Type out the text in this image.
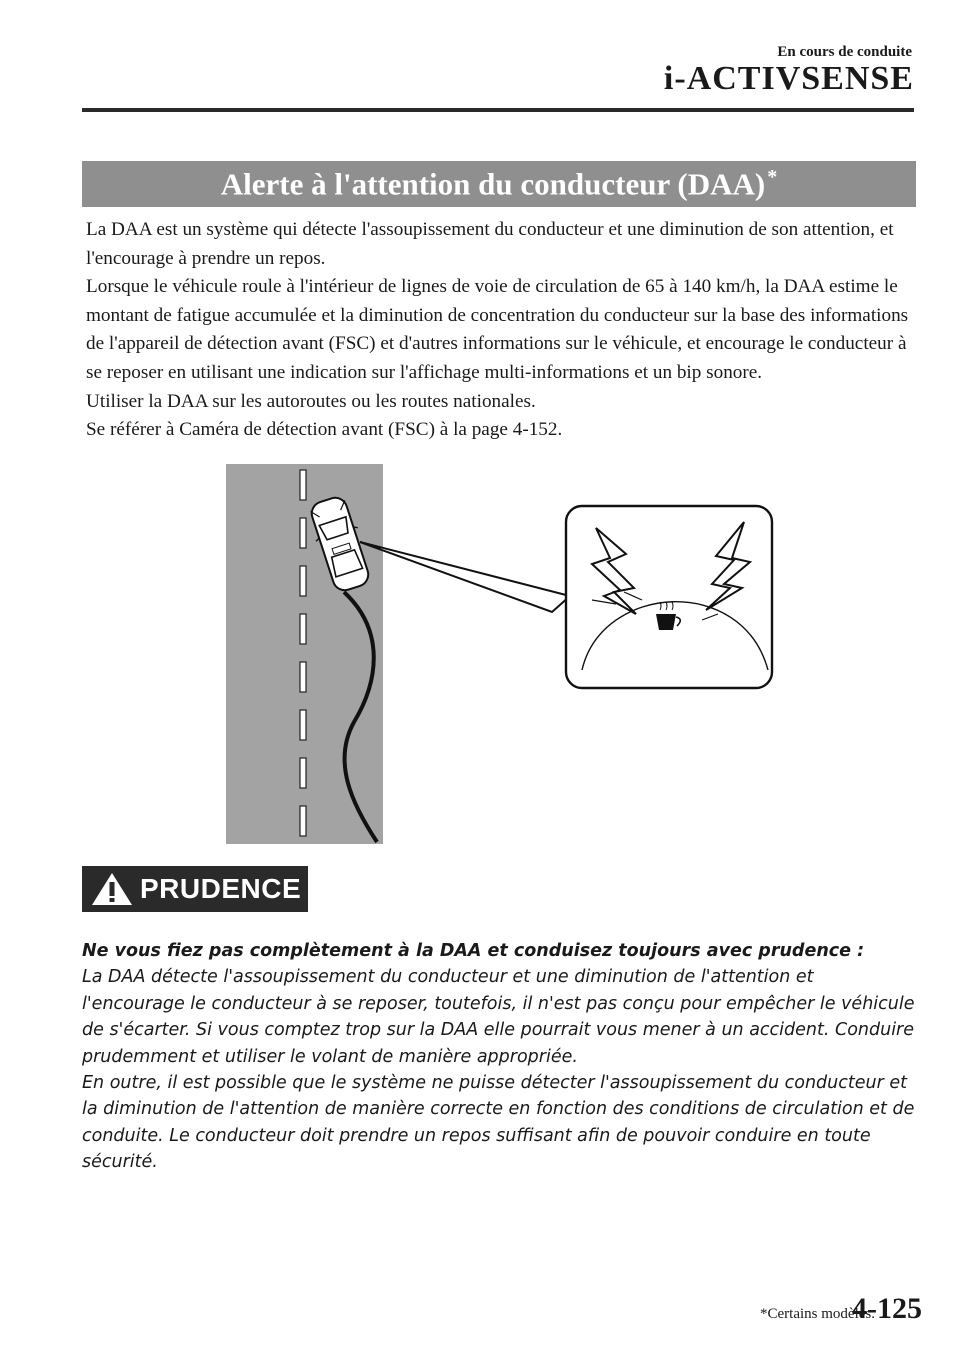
En cours de conduite
i-ACTIVSENSE
Alerte à l'attention du conducteur (DAA) *

La DAA est un système qui détecte l'assoupissement du conducteur et une diminution de son attention, et l'encourage à prendre un repos.

Lorsque le véhicule roule à l'intérieur de lignes de voie de circulation de 65 à 140 km/h, la DAA estime le montant de fatigue accumulée et la diminution de concentration du conducteur sur la base des informations de l'appareil de détection avant (FSC) et d'autres informations sur le véhicule, et encourage le conducteur à se reposer en utilisant une indication sur l'affichage multi-informations et un bip sonore.

Utiliser la DAA sur les autoroutes ou les routes nationales.

Se référer à Caméra de détection avant (FSC) à la page 4-152.

PRUDENCE

Ne vous fiez pas complètement à la DAA et conduisez toujours avec prudence :

La DAA détecte l'assoupissement du conducteur et une diminution de l'attention et l'encourage le conducteur à se reposer, toutefois, il n'est pas conçu pour empêcher le véhicule de s'écarter. Si vous comptez trop sur la DAA elle pourrait vous mener à un accident. Conduire prudemment et utiliser le volant de manière appropriée.

En outre, il est possible que le système ne puisse détecter l'assoupissement du conducteur et la diminution de l'attention de manière correcte en fonction des conditions de circulation et de conduite. Le conducteur doit prendre un repos suffisant afin de pouvoir conduire en toute sécurité.

*Certains modèles.
4-125
